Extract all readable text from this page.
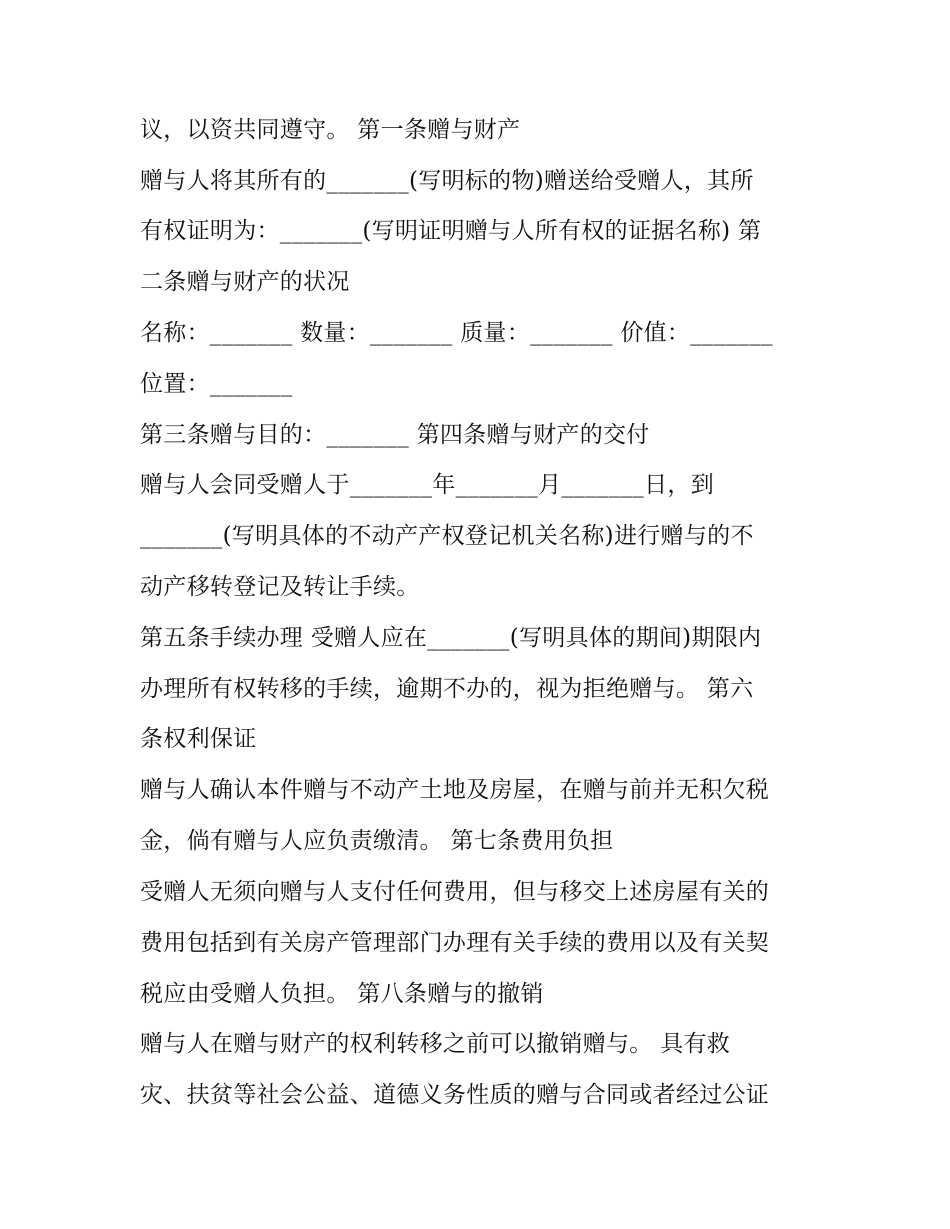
议，以资共同遵守。 第一条赠与财产
赠与人将其所有的_______(写明标的物)赠送给受赠人，其所
有权证明为：_______(写明证明赠与人所有权的证据名称) 第
二条赠与财产的状况
名称：_______ 数量：_______ 质量：_______ 价值：_______
位置：_______
第三条赠与目的：_______ 第四条赠与财产的交付
赠与人会同受赠人于_______年_______月_______日，到
_______(写明具体的不动产产权登记机关名称)进行赠与的不
动产移转登记及转让手续。
第五条手续办理 受赠人应在_______(写明具体的期间)期限内
办理所有权转移的手续，逾期不办的，视为拒绝赠与。 第六
条权利保证
赠与人确认本件赠与不动产土地及房屋，在赠与前并无积欠税
金，倘有赠与人应负责缴清。 第七条费用负担
受赠人无须向赠与人支付任何费用，但与移交上述房屋有关的
费用包括到有关房产管理部门办理有关手续的费用以及有关契
税应由受赠人负担。 第八条赠与的撤销
赠与人在赠与财产的权利转移之前可以撤销赠与。 具有救
灾、扶贫等社会公益、道德义务性质的赠与合同或者经过公证
